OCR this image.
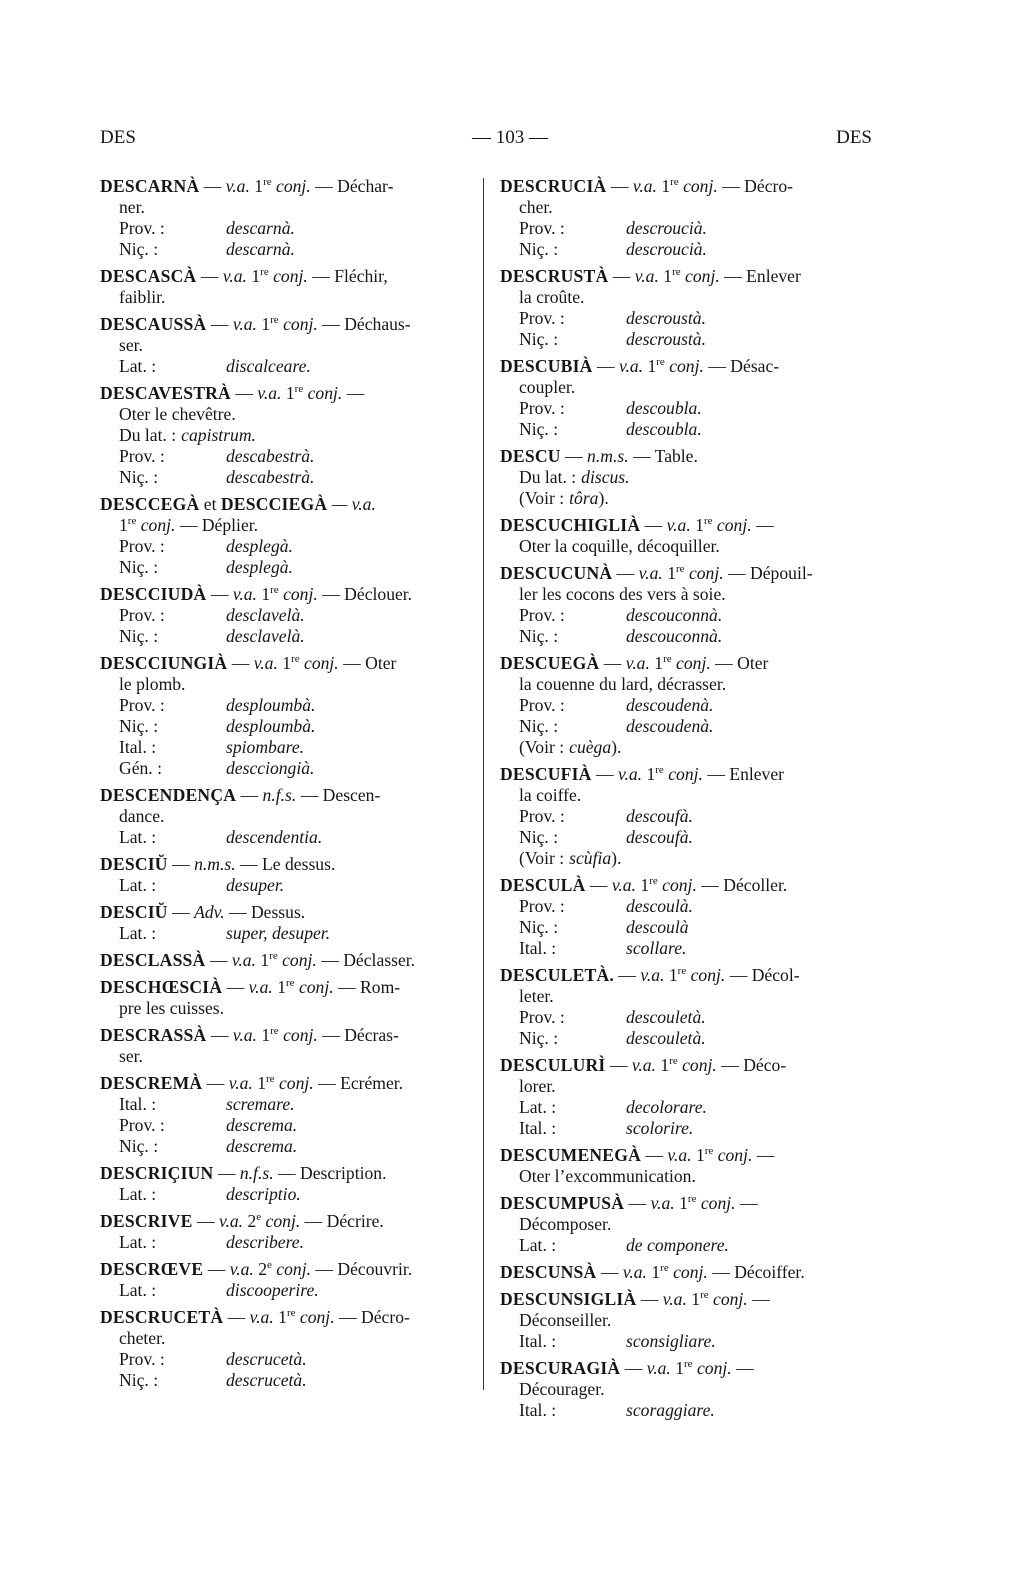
DES	— 103 —	DES
DESCARNÀ — v.a. 1re conj. — Déchar-
ner.
Prov. :	descarnà.
Niç. :	descarnà.
DESCASCÀ — v.a. 1re conj. — Fléchir,
faiblir.
DESCAUSSÀ — v.a. 1re conj. — Déchaus-
ser.
Lat. :	discalceare.
DESCAVESTRÀ — v.a. 1re conj. —
Oter le chevêtre.
Du lat. : capistrum.
Prov. :	descabestrà.
Niç. :	descabestrà.
DESCCEGÀ et DESCCIEGÀ — v.a.
1re conj. — Déplier.
Prov. :	desplegà.
Niç. :	desplegà.
DESCCIUDÀ — v.a. 1re conj. — Déclouer.
Prov. :	desclavelà.
Niç. :	desclavelà.
DESCCIUNGIÀ — v.a. 1re conj. — Oter
le plomb.
Prov. :	desploumbà.
Niç. :	desploumbà.
Ital. :	spiombare.
Gén. :	descciongià.
DESCENDENÇA — n.f.s. — Descen-
dance.
Lat. :	descendentia.
DESCIŬ — n.m.s. — Le dessus.
Lat. :	desuper.
DESCIŬ — Adv. — Dessus.
Lat. :	super, desuper.
DESCLASSÀ — v.a. 1re conj. — Déclasser.
DESCHŒSCIÀ — v.a. 1re conj. — Rom-
pre les cuisses.
DESCRASSÀ — v.a. 1re conj. — Décras-
ser.
DESCREMÀ — v.a. 1re conj. — Ecrémer.
Ital. :	scremare.
Prov. :	descrema.
Niç. :	descrema.
DESCRIÇIUN — n.f.s. — Description.
Lat. :	descriptio.
DESCRIVE — v.a. 2e conj. — Décrire.
Lat. :	describere.
DESCRŒVE — v.a. 2e conj. — Découvrir.
Lat. :	discooperire.
DESCRUCETÀ — v.a. 1re conj. — Décro-
cheter.
Prov. :	descrucetà.
Niç. :	descrucetà.
DESCRUCIÀ — v.a. 1re conj. — Décro-
cher.
Prov. :	descroucià.
Niç. :	descroucià.
DESCRUSTÀ — v.a. 1re conj. — Enlever
la croûte.
Prov. :	descroustà.
Niç. :	descroustà.
DESCUBIÀ — v.a. 1re conj. — Désac-
coupler.
Prov. :	descoubla.
Niç. :	descoubla.
DESCU — n.m.s. — Table.
Du lat. : discus.
(Voir : tôra ).
DESCUCHIGLIÀ — v.a. 1re conj. —
Oter la coquille, décoquiller.
DESCUCUNÀ — v.a. 1re conj. — Dépouil-
ler les cocons des vers à soie.
Prov. :	descouconnà.
Niç. :	descouconnà.
DESCUEGÀ — v.a. 1re conj. — Oter
la couenne du lard, décrasser.
Prov. :	descoudenà.
Niç. :	descoudenà.
(Voir : cuèga ).
DESCUFIÀ — v.a. 1re conj. — Enlever
la coiffe.
Prov. :	descoufà.
Niç. :	descoufà.
(Voir : scùfia ).
DESCULÀ — v.a. 1re conj. — Décoller.
Prov. :	descoulà.
Niç. :	descoulà
Ital. :	scollare.
DESCULETÀ. — v.a. 1re conj. — Décol-
leter.
Prov. :	descouletà.
Niç. :	descouletà.
DESCULURÌ — v.a. 1re conj. — Déco-
lorer.
Lat. :	decolorare.
Ital. :	scolorire.
DESCUMENEGÀ — v.a. 1re conj. —
Oter l’excommunication.
DESCUMPUSÀ — v.a. 1re conj. —
Décomposer.
Lat. :	de componere.
DESCUNSÀ — v.a. 1re conj. — Décoiffer.
DESCUNSIGLIÀ — v.a. 1re conj. —
Déconseiller.
Ital. :	sconsigliare.
DESCURAGIÀ — v.a. 1re conj. —
Décourager.
Ital. :	scoraggiare.
